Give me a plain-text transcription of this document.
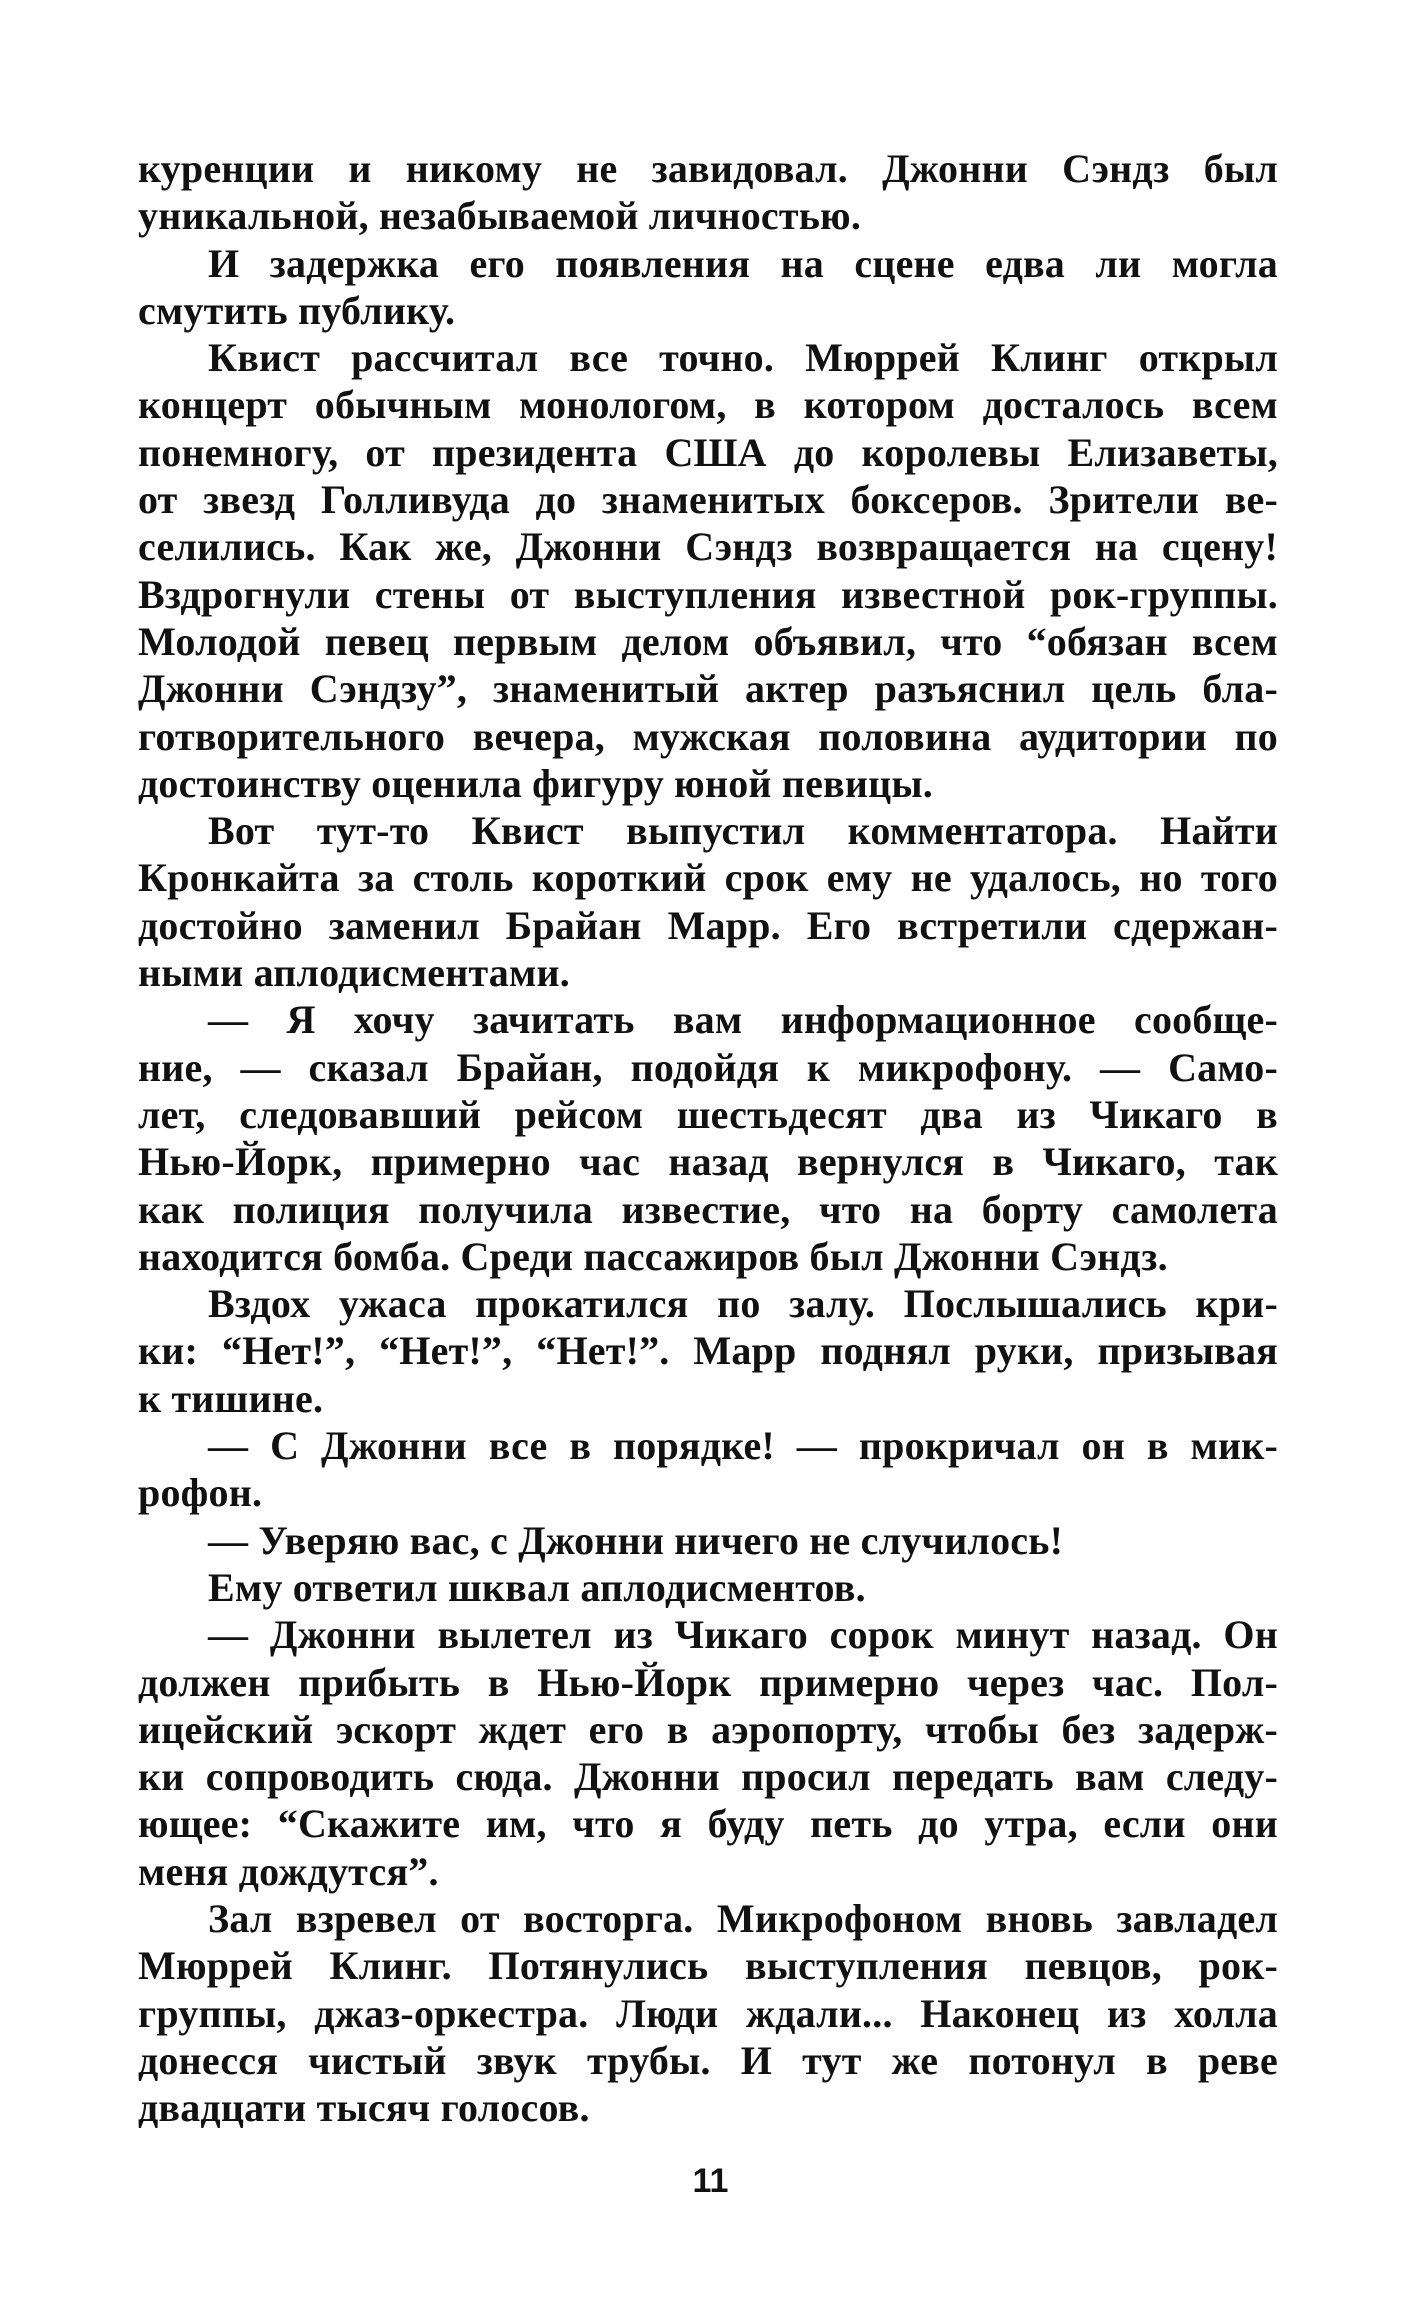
куренции и никому не завидовал. Джонни Сэндз был
уникальной, незабываемой личностью.
И задержка его появления на сцене едва ли могла
смутить публику.
Квист рассчитал все точно. Мюррей Клинг открыл
концерт обычным монологом, в котором досталось всем
понемногу, от президента США до королевы Елизаветы,
от звезд Голливуда до знаменитых боксеров. Зрители ве-
селились. Как же, Джонни Сэндз возвращается на сцену!
Вздрогнули стены от выступления известной рок-группы.
Молодой певец первым делом объявил, что “обязан всем
Джонни Сэндзу”, знаменитый актер разъяснил цель бла-
готворительного вечера, мужская половина аудитории по
достоинству оценила фигуру юной певицы.
Вот тут-то Квист выпустил комментатора. Найти
Кронкайта за столь короткий срок ему не удалось, но того
достойно заменил Брайан Марр. Его встретили сдержан-
ными аплодисментами.
— Я хочу зачитать вам информационное сообще-
ние, — сказал Брайан, подойдя к микрофону. — Само-
лет, следовавший рейсом шестьдесят два из Чикаго в
Нью-Йорк, примерно час назад вернулся в Чикаго, так
как полиция получила известие, что на борту самолета
находится бомба. Среди пассажиров был Джонни Сэндз.
Вздох ужаса прокатился по залу. Послышались кри-
ки: “Нет!”, “Нет!”, “Нет!”. Марр поднял руки, призывая
к тишине.
— С Джонни все в порядке! — прокричал он в мик-
рофон.
— Уверяю вас, с Джонни ничего не случилось!
Ему ответил шквал аплодисментов.
— Джонни вылетел из Чикаго сорок минут назад. Он
должен прибыть в Нью-Йорк примерно через час. Пол-
ицейский эскорт ждет его в аэропорту, чтобы без задерж-
ки сопроводить сюда. Джонни просил передать вам следу-
ющее: “Скажите им, что я буду петь до утра, если они
меня дождутся”.
Зал взревел от восторга. Микрофоном вновь завладел
Мюррей Клинг. Потянулись выступления певцов, рок-
группы, джаз-оркестра. Люди ждали... Наконец из холла
донесся чистый звук трубы. И тут же потонул в реве
двадцати тысяч голосов.
11
